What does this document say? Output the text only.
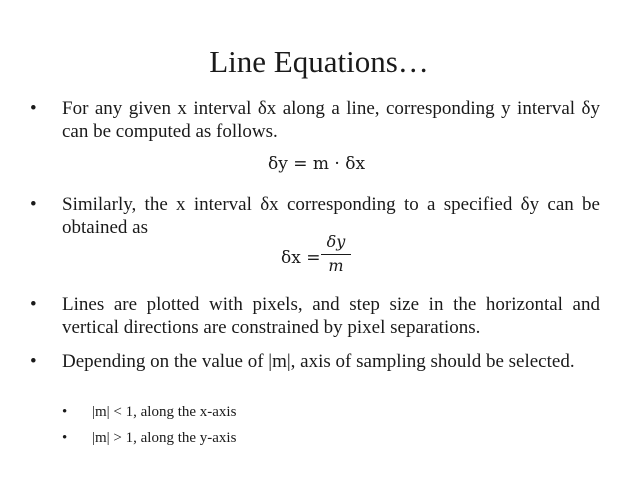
Line Equations…
• For any given x interval δx along a line, corresponding y interval δy can be computed as follows.
δy = m · δx
• Similarly, the x interval δx corresponding to a specified δy can be obtained as
δx =
δy
m
• Lines are plotted with pixels, and step size in the horizontal and vertical directions are constrained by pixel separations.
• Depending on the value of |m|, axis of sampling should be selected.
• |m| < 1, along the x-axis
• |m| > 1, along the y-axis
